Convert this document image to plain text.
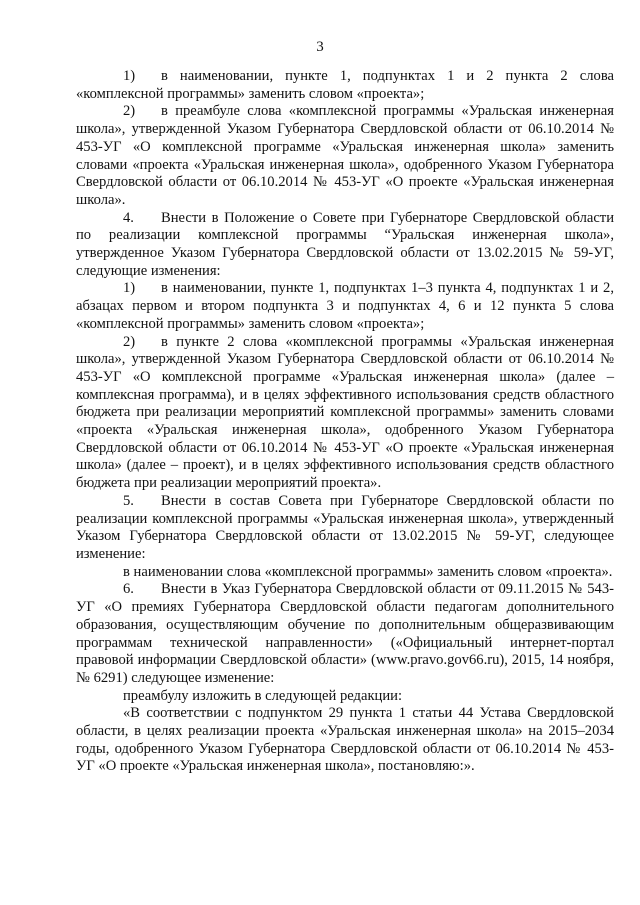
3

1) в наименовании, пункте 1, подпунктах 1 и 2 пункта 2 слова «комплексной программы» заменить словом «проекта»;

2) в преамбуле слова «комплексной программы «Уральская инженерная школа», утвержденной Указом Губернатора Свердловской области от 06.10.2014 № 453-УГ «О комплексной программе «Уральская инженерная школа» заменить словами «проекта «Уральская инженерная школа», одобренного Указом Губернатора Свердловской области от 06.10.2014 № 453-УГ «О проекте «Уральская инженерная школа».

4. Внести в Положение о Совете при Губернаторе Свердловской области по реализации комплексной программы “Уральская инженерная школа», утвержденное Указом Губернатора Свердловской области от 13.02.2015 № 59-УГ, следующие изменения:

1) в наименовании, пункте 1, подпунктах 1–3 пункта 4, подпунктах 1 и 2, абзацах первом и втором подпункта 3 и подпунктах 4, 6 и 12 пункта 5 слова «комплексной программы» заменить словом «проекта»;

2) в пункте 2 слова «комплексной программы «Уральская инженерная школа», утвержденной Указом Губернатора Свердловской области от 06.10.2014 № 453-УГ «О комплексной программе «Уральская инженерная школа» (далее – комплексная программа), и в целях эффективного использования средств областного бюджета при реализации мероприятий комплексной программы» заменить словами «проекта «Уральская инженерная школа», одобренного Указом Губернатора Свердловской области от 06.10.2014 № 453-УГ «О проекте «Уральская инженерная школа» (далее – проект), и в целях эффективного использования средств областного бюджета при реализации мероприятий проекта».

5. Внести в состав Совета при Губернаторе Свердловской области по реализации комплексной программы «Уральская инженерная школа», утвержденный Указом Губернатора Свердловской области от 13.02.2015 № 59-УГ, следующее изменение:

в наименовании слова «комплексной программы» заменить словом «проекта».

6. Внести в Указ Губернатора Свердловской области от 09.11.2015 № 543-УГ «О премиях Губернатора Свердловской области педагогам дополнительного образования, осуществляющим обучение по дополнительным общеразвивающим программам технической направленности» («Официальный интернет-портал правовой информации Свердловской области» (www.pravo.gov66.ru), 2015, 14 ноября, № 6291) следующее изменение:

преамбулу изложить в следующей редакции:

«В соответствии с подпунктом 29 пункта 1 статьи 44 Устава Свердловской области, в целях реализации проекта «Уральская инженерная школа» на 2015–2034 годы, одобренного Указом Губернатора Свердловской области от 06.10.2014 № 453-УГ «О проекте «Уральская инженерная школа», постановляю:».
